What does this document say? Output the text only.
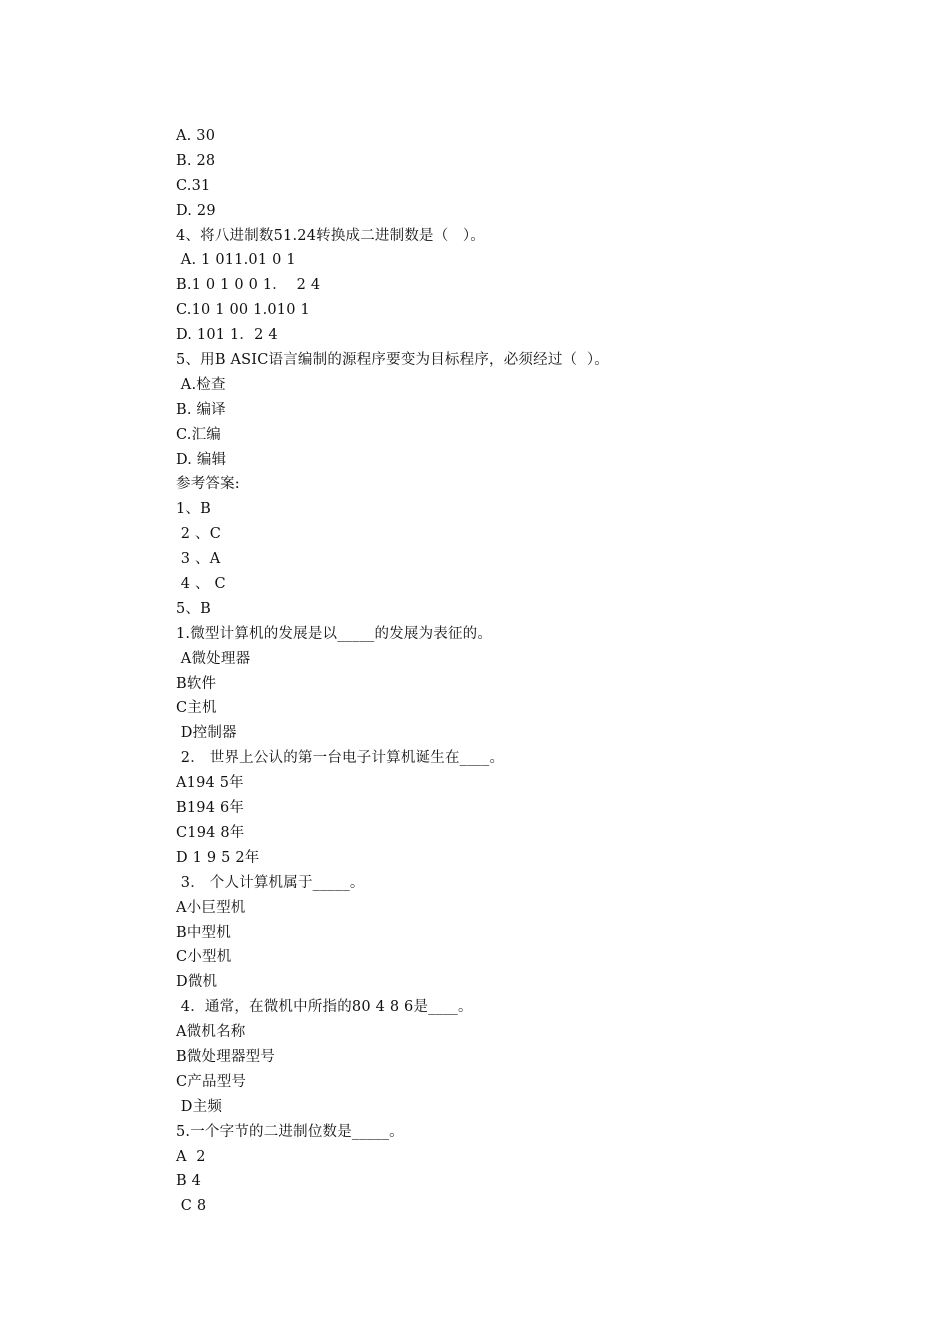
A. 30
B. 28
C.31
D. 29
4、将八进制数51.24转换成二进制数是（   ）。
A. 1 011.01 0 1
B.1 0 1 0 0 1．  2 4
C.10 1 00 1.010 1
D. 101 1．2 4
5、用B ASIC语言编制的源程序要变为目标程序，必须经过（  ）。
A.检查
B. 编译
C.汇编
D. 编辑
参考答案:
1、B
2 、C
3 、A
4 、 C
5、B
1.微型计算机的发展是以_____的发展为表征的。
A微处理器
B软件
C主机
D控制器
2． 世界上公认的第一台电子计算机诞生在____。
A194 5年
B194 6年
C194 8年
D 1 9 5 2年
3． 个人计算机属于_____。
A小巨型机
B中型机
C小型机
D微机
4．通常，在微机中所指的80 4 8 6是____。
A微机名称
B微处理器型号
C产品型号
D主频
5.一个字节的二进制位数是_____。
A  2
B 4
C 8
